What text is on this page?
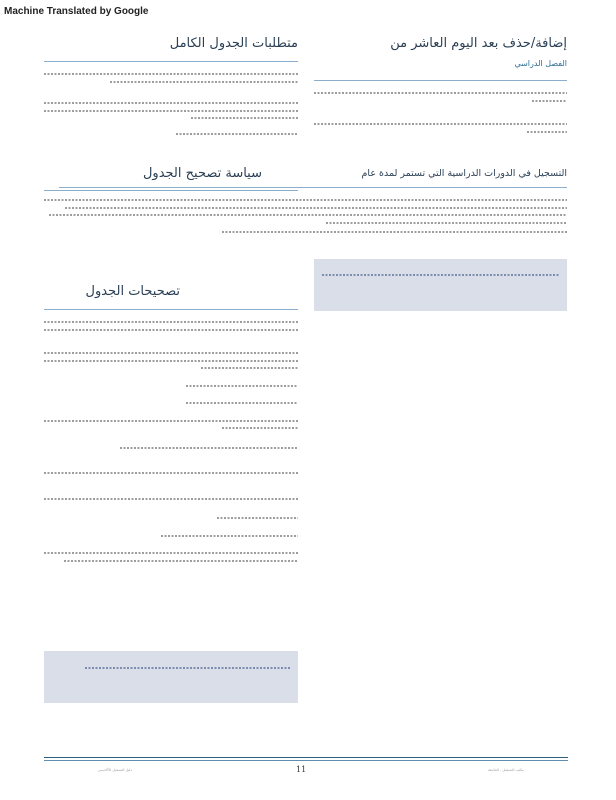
Machine Translated by Google
إضافة/حذف بعد اليوم العاشر من
الفصل الدراسي
التسجيل في الدورات الدراسية التي تستمر لمدة عام
متطلبات الجدول الكامل
سياسة تصحيح الجدول
تصحيحات الجدول
دليل التسجيل الأكاديمي	11	مكتب التسجيل - الجامعة
